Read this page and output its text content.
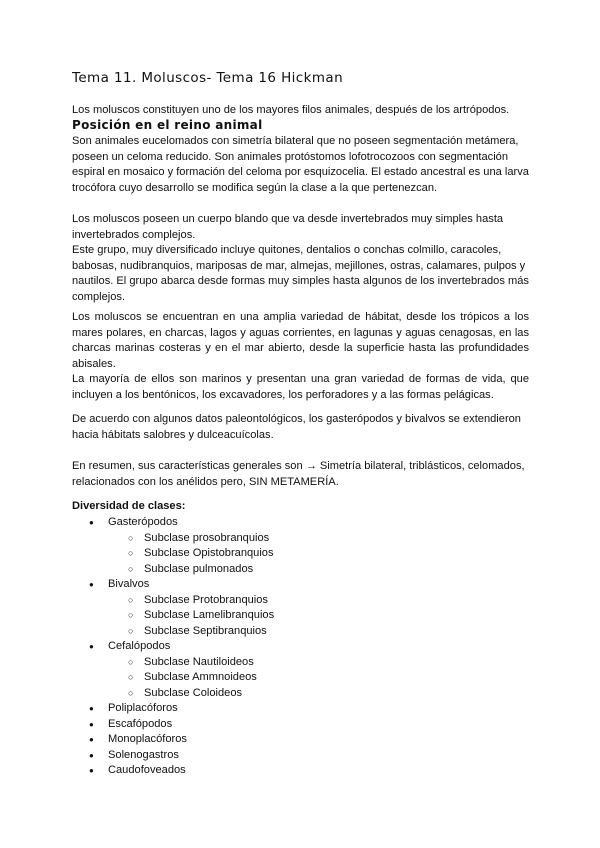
Tema 11. Moluscos- Tema 16 Hickman

Los moluscos constituyen uno de los mayores filos animales, después de los artrópodos.

Posición en el reino animal

Son animales eucelomados con simetría bilateral que no poseen segmentación metámera, poseen un celoma reducido. Son animales protóstomos lofotrocozoos con segmentación espiral en mosaico y formación del celoma por esquizocelia. El estado ancestral es una larva trocófora cuyo desarrollo se modifica según la clase a la que pertenezcan.

Los moluscos poseen un cuerpo blando que va desde invertebrados muy simples hasta invertebrados complejos.

Este grupo, muy diversificado incluye quitones, dentalios o conchas colmillo, caracoles, babosas, nudibranquios, mariposas de mar, almejas, mejillones, ostras, calamares, pulpos y nautilos. El grupo abarca desde formas muy simples hasta algunos de los invertebrados más complejos.

Los moluscos se encuentran en una amplia variedad de hábitat, desde los trópicos a los mares polares, en charcas, lagos y aguas corrientes, en lagunas y aguas cenagosas, en las charcas marinas costeras y en el mar abierto, desde la superficie hasta las profundidades abisales.

La mayoría de ellos son marinos y presentan una gran variedad de formas de vida, que incluyen a los bentónicos, los excavadores, los perforadores y a las formas pelágicas.

De acuerdo con algunos datos paleontológicos, los gasterópodos y bivalvos se extendieron hacia hábitats salobres y dulceacuícolas.

En resumen, sus características generales son → Simetría bilateral, triblásticos, celomados, relacionados con los anélidos pero, SIN METAMERÍA.

Diversidad de clases:

● Gasterópodos
○ Subclase prosobranquios
○ Subclase Opistobranquios
○ Subclase pulmonados
● Bivalvos
○ Subclase Protobranquios
○ Subclase Lamelibranquios
○ Subclase Septibranquios
● Cefalópodos
○ Subclase Nautiloideos
○ Subclase Ammnoideos
○ Subclase Coloideos
● Poliplacóforos
● Escafópodos
● Monoplacóforos
● Solenogastros
● Caudofoveados
